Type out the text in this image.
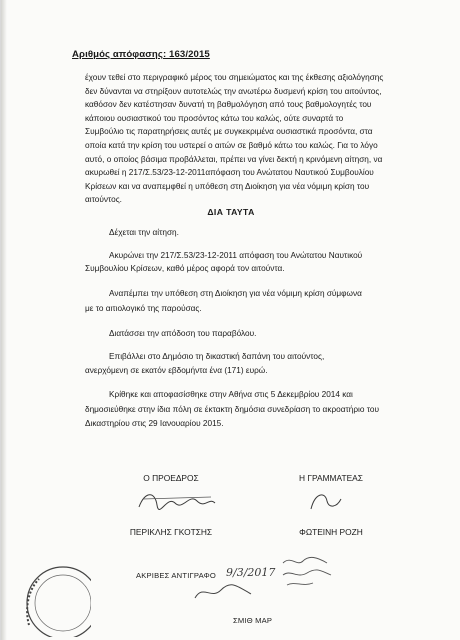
Αριθμός απόφασης: 163/2015

έχουν τεθεί στο περιγραφικό μέρος του σημειώματος και της έκθεσης αξιολόγησης

δεν δύνανται να στηρίξουν αυτοτελώς την ανωτέρω δυσμενή κρίση του αιτούντος,

καθόσον δεν κατέστησαν δυνατή τη βαθμολόγηση από τους βαθμολογητές του

κάποιου ουσιαστικού του προσόντος κάτω του καλώς, ούτε συναρτά το

Συμβούλιο τις παρατηρήσεις αυτές με συγκεκριμένα ουσιαστικά προσόντα, στα

οποία κατά την κρίση του υστερεί ο αιτών σε βαθμό κάτω του καλώς. Για το λόγο

αυτό, ο οποίος βάσιμα προβάλλεται, πρέπει να γίνει δεκτή η κρινόμενη αίτηση, να

ακυρωθεί η 217/Σ.53/23-12-2011απόφαση του Ανώτατου Ναυτικού Συμβουλίου

Κρίσεων και να αναπεμφθεί η υπόθεση στη Διοίκηση για νέα νόμιμη κρίση του

αιτούντος.

ΔΙΑ ΤΑΥΤΑ
Δέχεται την αίτηση.
Ακυρώνει την 217/Σ.53/23-12-2011 απόφαση του Ανώτατου Ναυτικού
Συμβουλίου Κρίσεων, καθό μέρος αφορά τον αιτούντα.
Αναπέμπει την υπόθεση στη Διοίκηση για νέα νόμιμη κρίση σύμφωνα
με το αιτιολογικό της παρούσας.
Διατάσσει την απόδοση του παραβόλου.
Επιβάλλει στο Δημόσιο τη δικαστική δαπάνη του αιτούντος,
ανερχόμενη σε εκατόν εβδομήντα ένα (171) ευρώ.
Κρίθηκε και αποφασίσθηκε στην Αθήνα στις 5 Δεκεμβρίου 2014 και
δημοσιεύθηκε στην ίδια πόλη σε έκτακτη δημόσια συνεδρίαση το ακροατήριο του
Δικαστηρίου στις 29 Ιανουαρίου 2015.
Ο ΠΡΟΕΔΡΟΣ	Η ΓΡΑΜΜΑΤΕΑΣ
ΠΕΡΙΚΛΗΣ ΓΚΟΤΣΗΣ	ΦΩΤΕΙΝΗ ΡΟΖΗ
ΑΚΡΙΒΕΣ ΑΝΤΙΓΡΑΦΟ 9/3/2017
ΣΜΙΘ ΜΑΡ
